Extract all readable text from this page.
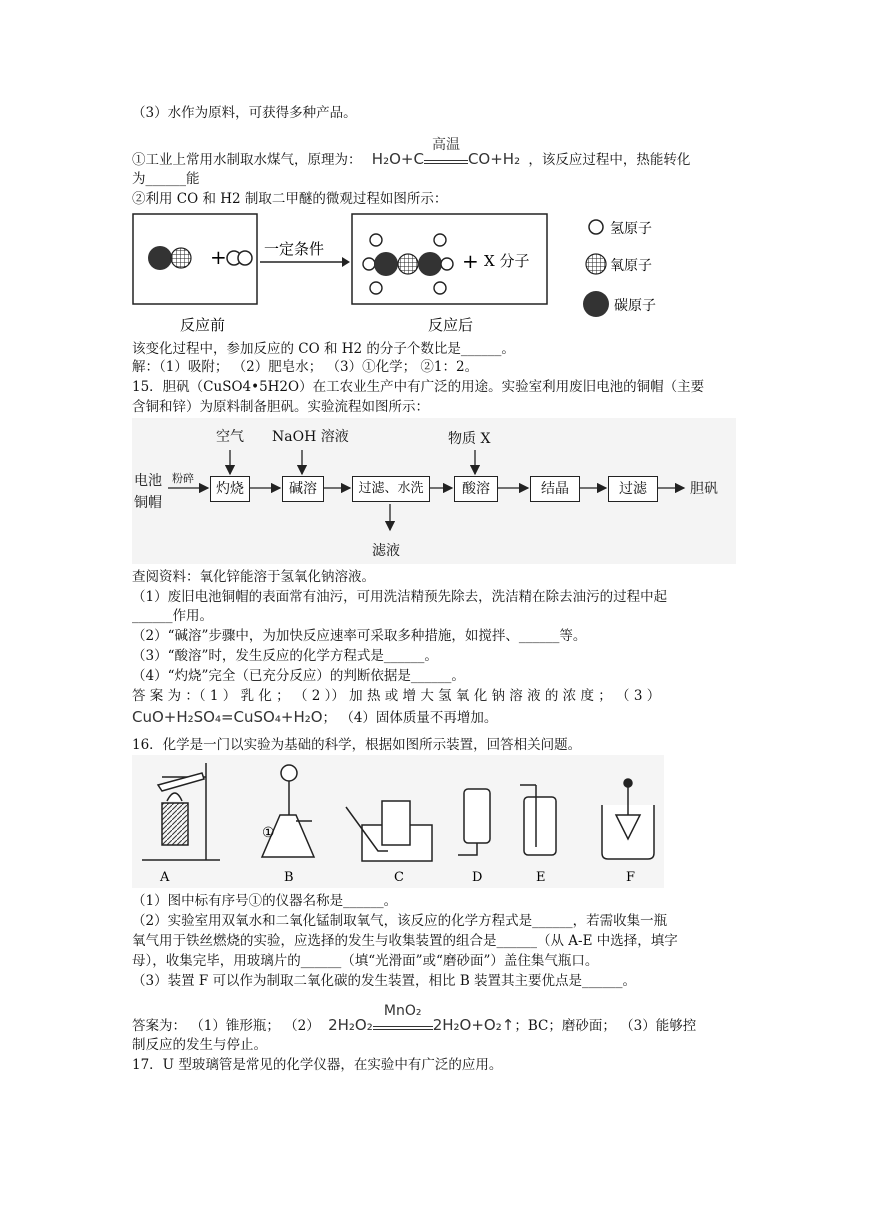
（3）水作为原料，可获得多种产品。
①工业上常用水制取水煤气，原理为： H₂O+C
高温
CO+H₂ ，该反应过程中，热能转化
为______能
②利用 CO 和 H2 制取二甲醚的微观过程如图所示：
+ 一定条件	+ X 分子
反应前	反应后
氢原子
氧原子
碳原子
该变化过程中，参加反应的 CO 和 H2 的分子个数比是______。
解：（1）吸附； （2）肥皂水； （3）①化学； ②1：2。
15．胆矾（CuSO4•5H2O）在工农业生产中有广泛的用途。实验室利用废旧电池的铜帽（主要
含铜和锌）为原料制备胆矾。实验流程如图所示：
电池
铜帽
粉碎
空气 NaOH 溶液	物质 X
灼烧	碱溶	过滤、水洗	酸溶	结晶	过滤	胆矾
滤液
查阅资料：氧化锌能溶于氢氧化钠溶液。
（1）废旧电池铜帽的表面常有油污，可用洗洁精预先除去，洗洁精在除去油污的过程中起
______作用。
（2）“碱溶”步骤中，为加快反应速率可采取多种措施，如搅拌、______等。
（3）“酸溶”时，发生反应的化学方程式是______。
（4）“灼烧”完全（已充分反应）的判断依据是______。
答 案 为 ：（ 1 ） 乳 化 ； （ 2 ）） 加 热 或 增 大 氢 氧 化 钠 溶 液 的 浓 度 ； （ 3 ）
CuO+H₂SO₄=CuSO₄+H₂O； （4）固体质量不再增加。
16．化学是一门以实验为基础的科学，根据如图所示装置，回答相关问题。
①
A	B	C	D	E	F
（1）图中标有序号①的仪器名称是______。
（2）实验室用双氧水和二氧化锰制取氧气，该反应的化学方程式是______，若需收集一瓶
氧气用于铁丝燃烧的实验，应选择的发生与收集装置的组合是______（从 A-E 中选择，填字
母），收集完毕，用玻璃片的______（填“光滑面”或“磨砂面”）盖住集气瓶口。
（3）装置 F 可以作为制取二氧化碳的发生装置，相比 B 装置其主要优点是______。
答案为： （1）锥形瓶； （2） 2H₂O₂
MnO₂
2H₂O+O₂↑；BC；磨砂面； （3）能够控
制反应的发生与停止。
17．U 型玻璃管是常见的化学仪器，在实验中有广泛的应用。
